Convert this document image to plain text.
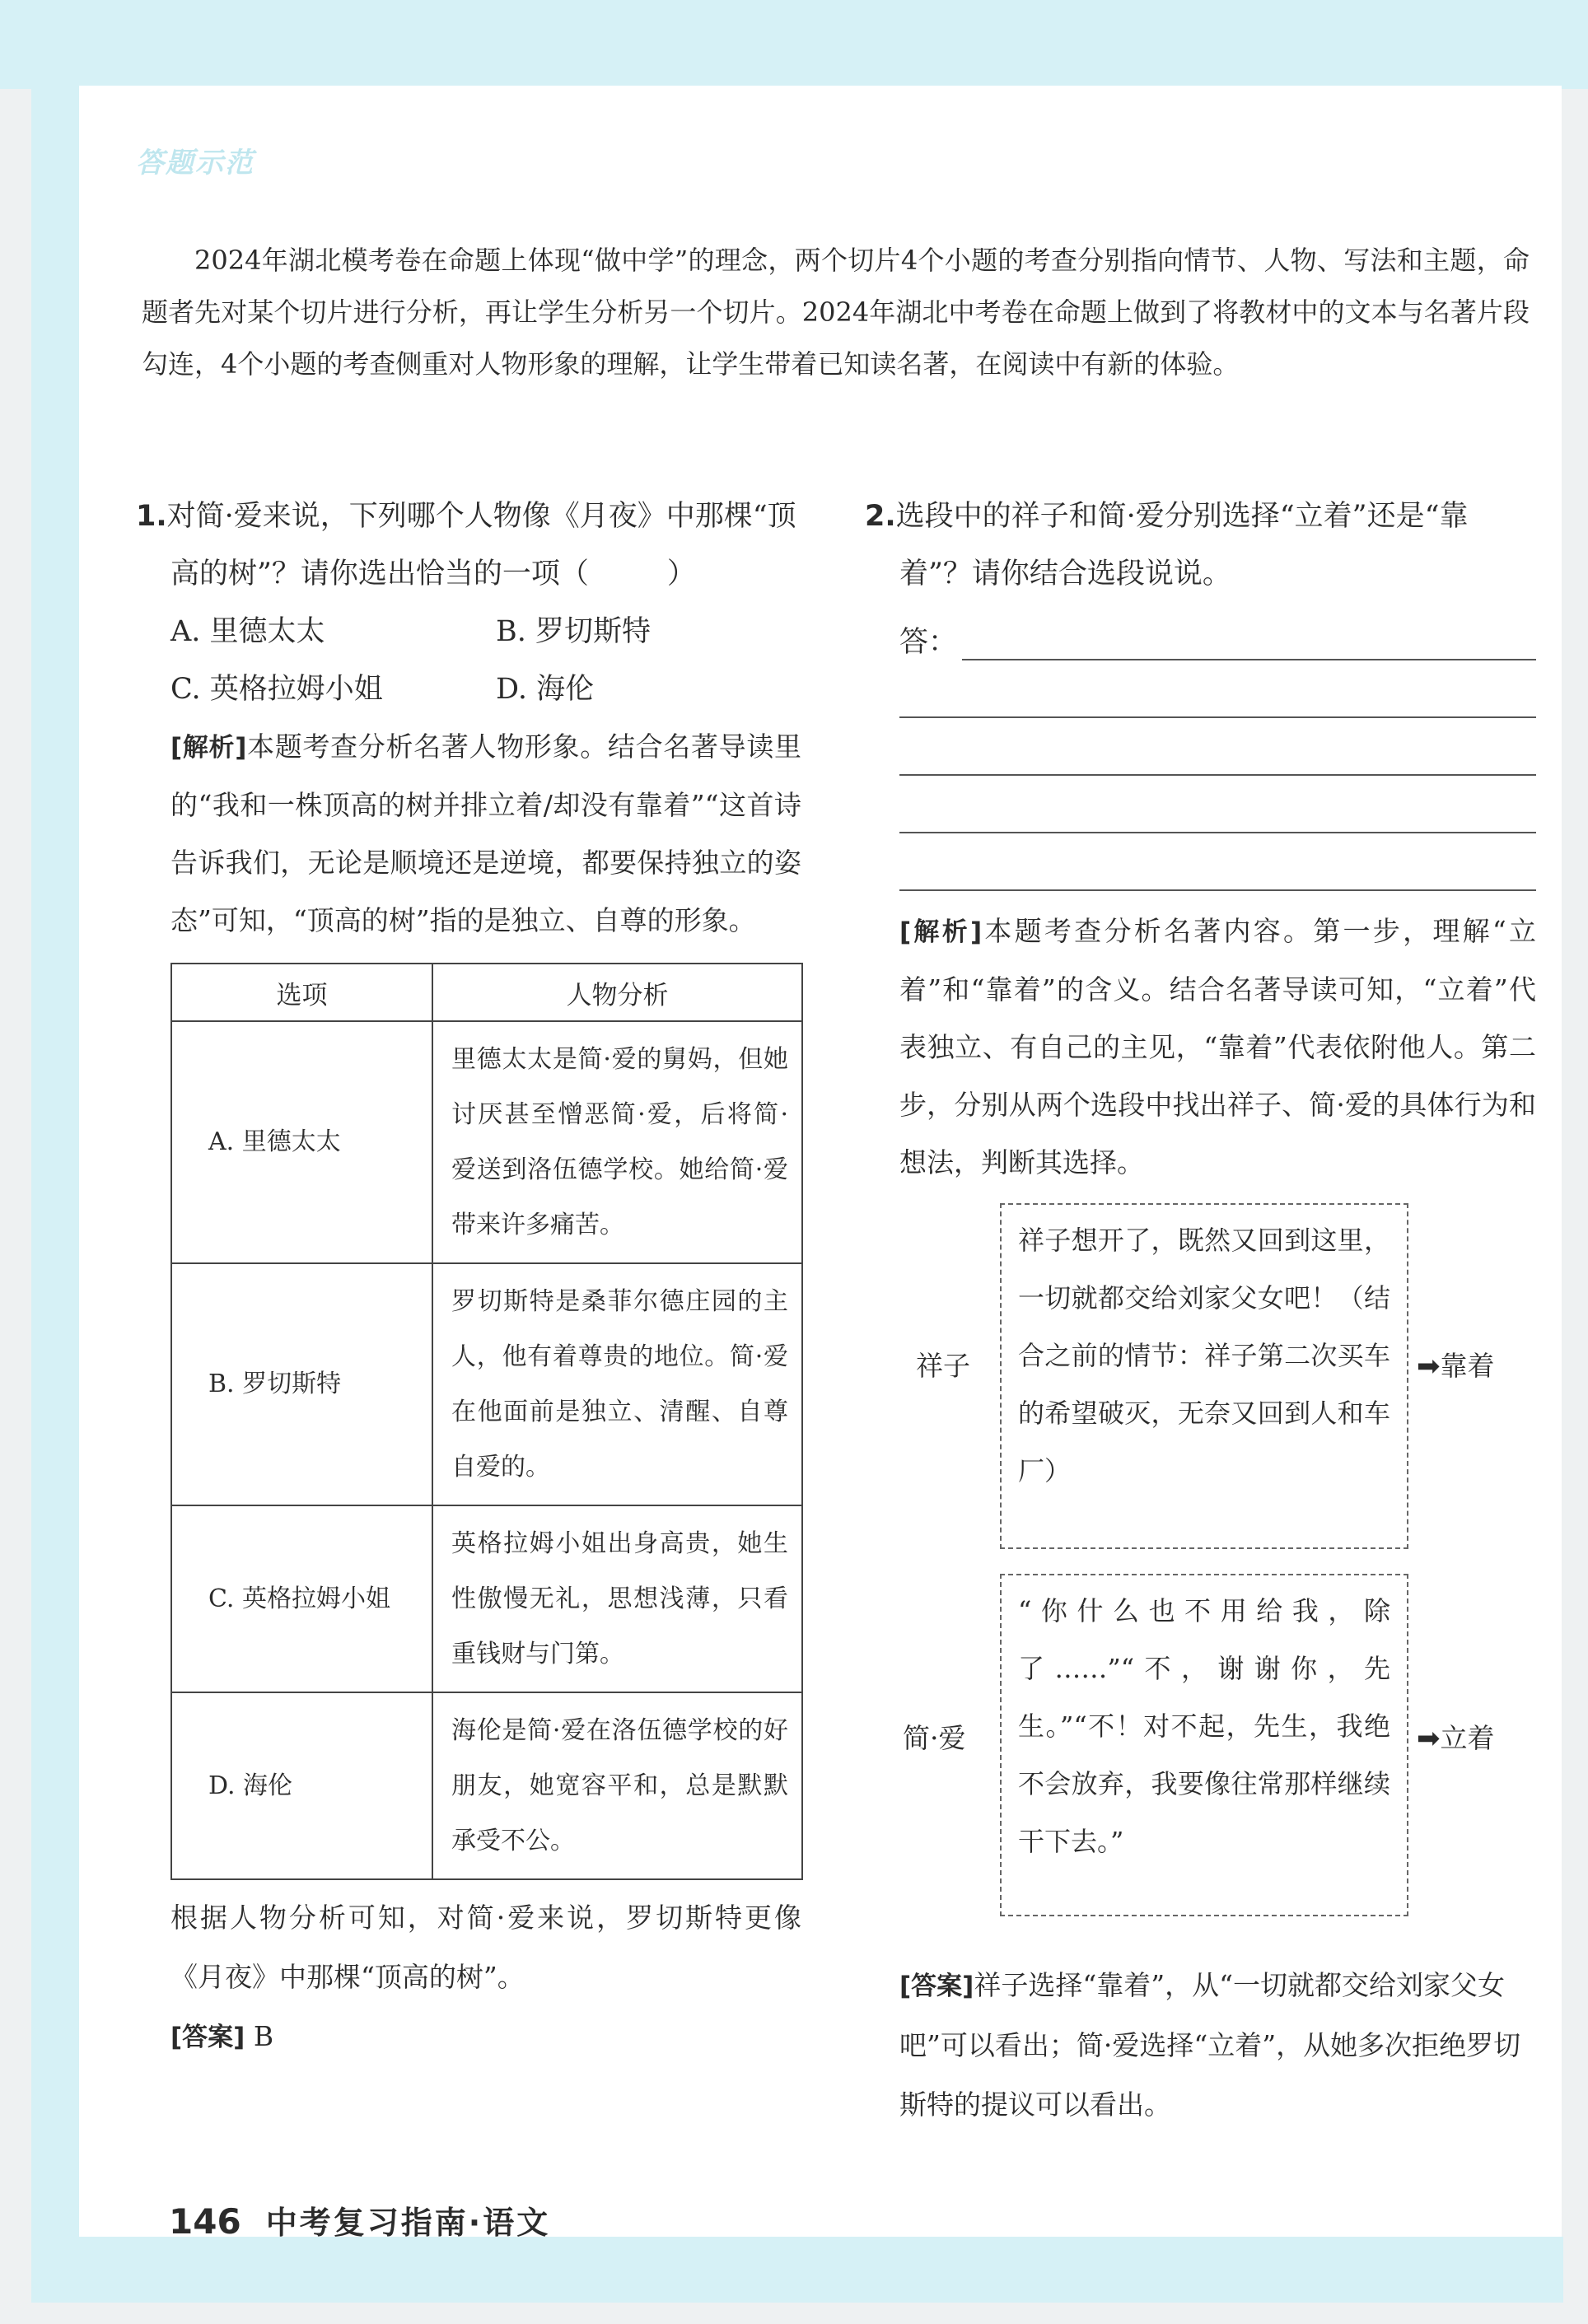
答题示范

2024年湖北模考卷在命题上体现“做中学”的理念，两个切片4个小题的考查分别指向情节、人物、写法和主题，命题者先对某个切片进行分析，再让学生分析另一个切片。2024年湖北中考卷在命题上做到了将教材中的文本与名著片段勾连，4个小题的考查侧重对人物形象的理解，让学生带着已知读名著，在阅读中有新的体验。

1.对简·爱来说，下列哪个人物像《月夜》中那棵“顶高的树”？请你选出恰当的一项（	）
A. 里德太太	B. 罗切斯特
C. 英格拉姆小姐	D. 海伦
[解析]本题考查分析名著人物形象。结合名著导读里的“我和一株顶高的树并排立着/却没有靠着”“这首诗告诉我们，无论是顺境还是逆境，都要保持独立的姿态”可知，“顶高的树”指的是独立、自尊的形象。
选项	人物分析
A. 里德太太	里德太太是简·爱的舅妈，但她讨厌甚至憎恶简·爱，后将简·爱送到洛伍德学校。她给简·爱带来许多痛苦。
B. 罗切斯特	罗切斯特是桑菲尔德庄园的主人，他有着尊贵的地位。简·爱在他面前是独立、清醒、自尊自爱的。
C. 英格拉姆小姐	英格拉姆小姐出身高贵，她生性傲慢无礼，思想浅薄，只看重钱财与门第。
D. 海伦	海伦是简·爱在洛伍德学校的好朋友，她宽容平和，总是默默承受不公。
根据人物分析可知，对简·爱来说，罗切斯特更像《月夜》中那棵“顶高的树”。
[答案] B
2.选段中的祥子和简·爱分别选择“立着”还是“靠着”？请你结合选段说说。
答：
[解析]本题考查分析名著内容。第一步，理解“立着”和“靠着”的含义。结合名著导读可知，“立着”代表独立、有自己的主见，“靠着”代表依附他人。第二步，分别从两个选段中找出祥子、简·爱的具体行为和想法，判断其选择。
祥子
祥子想开了，既然又回到这里，一切就都交给刘家父女吧！（结合之前的情节：祥子第二次买车的希望破灭，无奈又回到人和车厂）
➡靠着
简·爱
“你什么也不用给我，除了……”“不，谢谢你，先生。”“不！对不起，先生，我绝不会放弃，我要像往常那样继续干下去。”
➡立着
[答案]祥子选择“靠着”，从“一切就都交给刘家父女吧”可以看出；简·爱选择“立着”，从她多次拒绝罗切斯特的提议可以看出。
146 中考复习指南·语文
